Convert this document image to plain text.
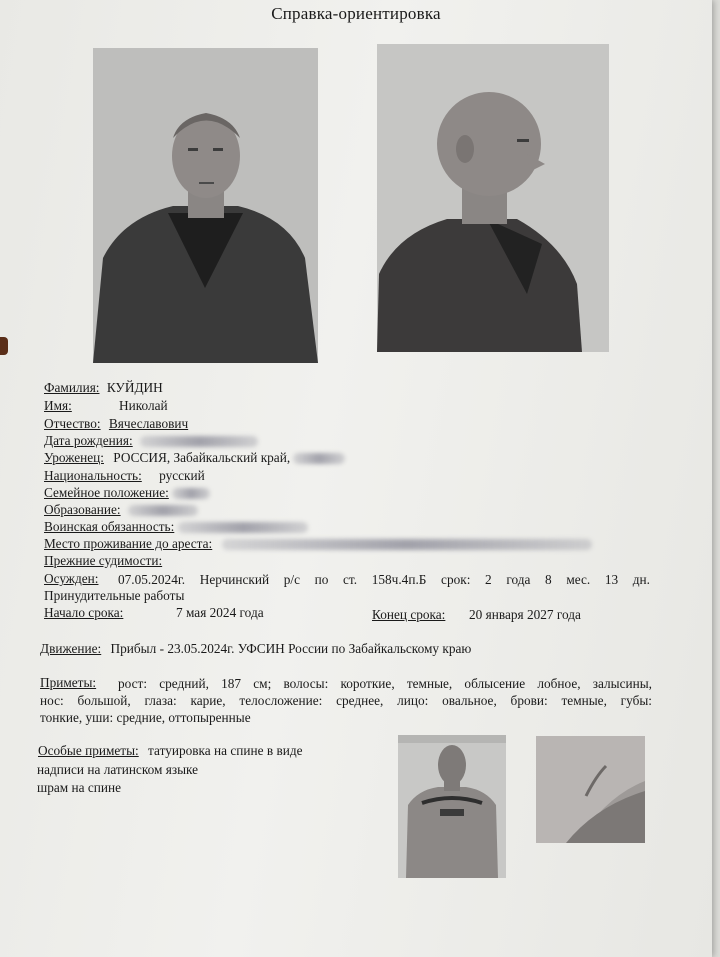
Справка-ориентировка
Фамилия: КУЙДИН
Имя:	Николай
Отчество: Вячеславович
Дата рождения:
Уроженец: РОССИЯ, Забайкальский край,
Национальность: русский
Семейное положение:
Образование:
Воинская обязанность:
Место проживание до ареста:
Прежние судимости:
Осужден: 07.05.2024г. Нерчинский р/с по ст. 158ч.4п.Б срок: 2 года 8 мес. 13 дн.
Принудительные работы
Начало срока:	7 мая 2024 года	Конец срока: 20 января 2027 года
Движение: Прибыл - 23.05.2024г. УФСИН России по Забайкальскому краю
Приметы: рост: средний, 187 см; волосы: короткие, темные, облысение лобное, залысины,
нос: большой, глаза: карие, телосложение: среднее, лицо: овальное, брови: темные, губы:
тонкие, уши: средние, оттопыренные
Особые приметы: татуировка на спине в виде
надписи на латинском языке
шрам на спине
